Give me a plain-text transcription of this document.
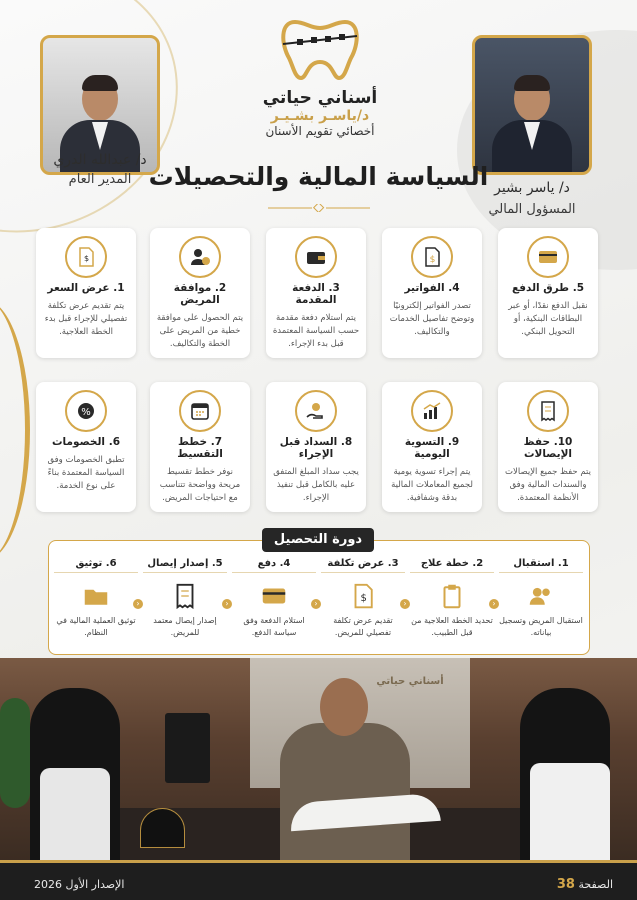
د/ ياسر بشير
المسؤول المالي
د/ عبدالله الدري
المدير العام
أسناني حياتي
د/ياسـر بشـيـر
أخصائي تقويم الأسنان
السياسة المالية والتحصيلات
5. طرق الدفع

نقبل الدفع نقدًا، أو عبر البطاقات البنكية، أو التحويل البنكي.

$
4. الفواتير

تصدر الفواتير إلكترونيًا وتوضح تفاصيل الخدمات والتكاليف.

3. الدفعة المقدمة

يتم استلام دفعة مقدمة حسب السياسة المعتمدة قبل بدء الإجراء.

2. موافقة المريض

يتم الحصول على موافقة خطية من المريض على الخطة والتكاليف.

$
1. عرض السعر

يتم تقديم عرض تكلفة تفصيلي للإجراء قبل بدء الخطة العلاجية.

10. حفظ الإيصالات

يتم حفظ جميع الإيصالات والسندات المالية وفق الأنظمة المعتمدة.

9. التسوية اليومية

يتم إجراء تسوية يومية لجميع المعاملات المالية بدقة وشفافية.

8. السداد قبل الإجراء

يجب سداد المبلغ المتفق عليه بالكامل قبل تنفيذ الإجراء.

7. خطط التقسيط

نوفر خطط تقسيط مريحة وواضحة تتناسب مع احتياجات المريض.

%
6. الخصومات

تطبق الخصومات وفق السياسة المعتمدة بناءً على نوع الخدمة.

1. استقبال

استقبال المريض وتسجيل بياناته.

‹
2. خطة علاج

تحديد الخطة العلاجية من قبل الطبيب.

‹
3. عرض تكلفة
$

تقديم عرض تكلفة تفصيلي للمريض.

‹
4. دفع

استلام الدفعة وفق سياسة الدفع.

‹
5. إصدار إيصال

إصدار إيصال معتمد للمريض.

‹
6. توثيق

توثيق العملية المالية في النظام.

دورة التحصيل
أسناني حياتي
الصفحة 38
الإصدار الأول 2026
